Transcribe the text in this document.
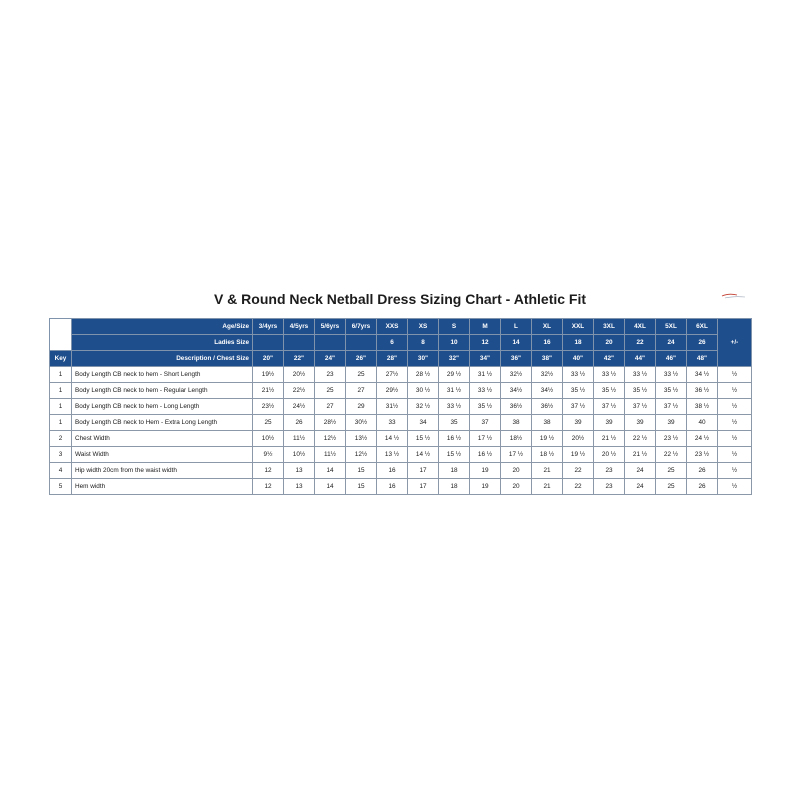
V & Round Neck Netball Dress Sizing Chart - Athletic Fit
	Age/Size	3/4yrs	4/5yrs	5/6yrs	6/7yrs	XXS	XS	S	M	L	XL	XXL	3XL	4XL	5XL	6XL	+/-
	Ladies Size					6	8	10	12	14	16	18	20	22	24	26	
Key	Description / Chest Size	20"	22"	24"	26"	28"	30"	32"	34"	36"	38"	40"	42"	44"	46"	48"	
1	Body Length CB neck to hem - Short Length	19½	20½	23	25	27½	28 ½	29 ½	31 ½	32½	32½	33 ½	33 ½	33 ½	33 ½	34 ½	½
1	Body Length CB neck to hem - Regular Length	21½	22½	25	27	29½	30 ½	31 ½	33 ½	34½	34½	35 ½	35 ½	35 ½	35 ½	36 ½	½
1	Body Length CB neck to hem - Long Length	23½	24½	27	29	31½	32 ½	33 ½	35 ½	36½	36½	37 ½	37 ½	37 ½	37 ½	38 ½	½
1	Body Length CB neck to Hem - Extra Long Length	25	26	28½	30½	33	34	35	37	38	38	39	39	39	39	40	½
2	Chest Width	10½	11½	12½	13½	14 ½	15 ½	16 ½	17 ½	18½	19 ½	20½	21 ½	22 ½	23 ½	24 ½	½
3	Waist Width	9½	10½	11½	12½	13 ½	14 ½	15 ½	16 ½	17 ½	18 ½	19 ½	20 ½	21 ½	22 ½	23 ½	½
4	Hip width 20cm from the waist width	12	13	14	15	16	17	18	19	20	21	22	23	24	25	26	½
5	Hem width	12	13	14	15	16	17	18	19	20	21	22	23	24	25	26	½
